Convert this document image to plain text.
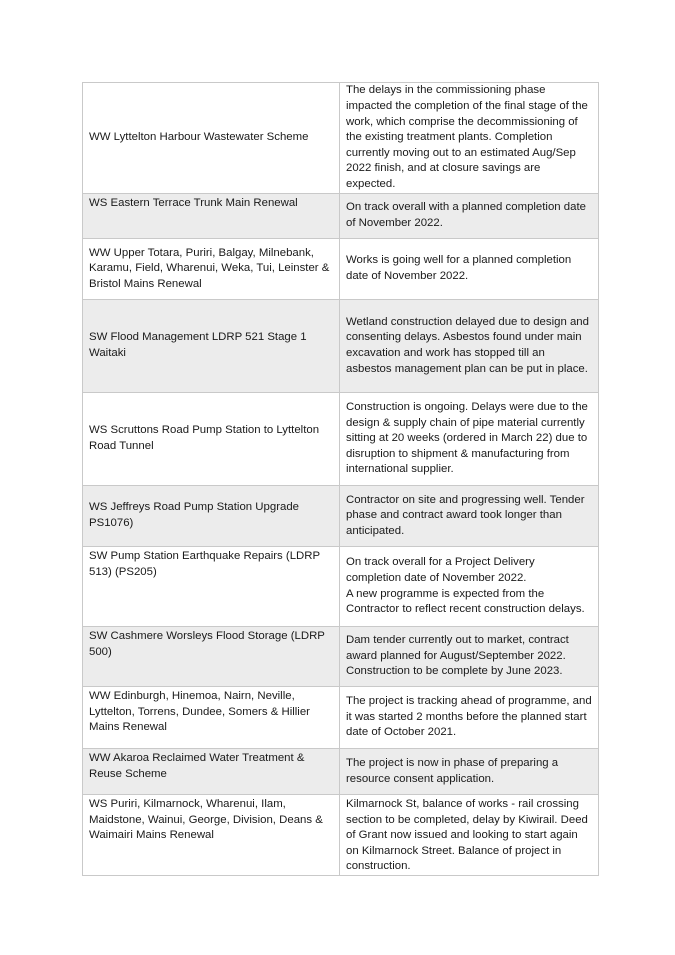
WW Lyttelton Harbour Wastewater Scheme	The delays in the commissioning phase impacted the completion of the final stage of the work, which comprise the decommissioning of the existing treatment plants. Completion currently moving out to an estimated Aug/Sep 2022 finish, and at closure savings are expected.
WS Eastern Terrace Trunk Main Renewal	On track overall with a planned completion date of November 2022.
WW Upper Totara, Puriri, Balgay, Milnebank, Karamu, Field, Wharenui, Weka, Tui, Leinster & Bristol Mains Renewal	Works is going well for a planned completion date of November 2022.
SW Flood Management LDRP 521 Stage 1 Waitaki	Wetland construction delayed due to design and consenting delays. Asbestos found under main excavation and work has stopped till an asbestos management plan can be put in place.
WS Scruttons Road Pump Station to Lyttelton Road Tunnel	Construction is ongoing. Delays were due to the design & supply chain of pipe material currently sitting at 20 weeks (ordered in March 22) due to disruption to shipment & manufacturing from international supplier.
WS Jeffreys Road Pump Station Upgrade PS1076)	Contractor on site and progressing well. Tender phase and contract award took longer than anticipated.
SW Pump Station Earthquake Repairs (LDRP 513) (PS205)	On track overall for a Project Delivery completion date of November 2022.
A new programme is expected from the Contractor to reflect recent construction delays.

SW Cashmere Worsleys Flood Storage (LDRP 500)	Dam tender currently out to market, contract award planned for August/September 2022. Construction to be complete by June 2023.
WW Edinburgh, Hinemoa, Nairn, Neville, Lyttelton, Torrens, Dundee, Somers & Hillier Mains Renewal	The project is tracking ahead of programme, and it was started 2 months before the planned start date of October 2021.
WW Akaroa Reclaimed Water Treatment & Reuse Scheme	The project is now in phase of preparing a resource consent application.
WS Puriri, Kilmarnock, Wharenui, Ilam, Maidstone, Wainui, George, Division, Deans & Waimairi Mains Renewal	Kilmarnock St, balance of works - rail crossing section to be completed, delay by Kiwirail. Deed of Grant now issued and looking to start again on Kilmarnock Street. Balance of project in construction.
